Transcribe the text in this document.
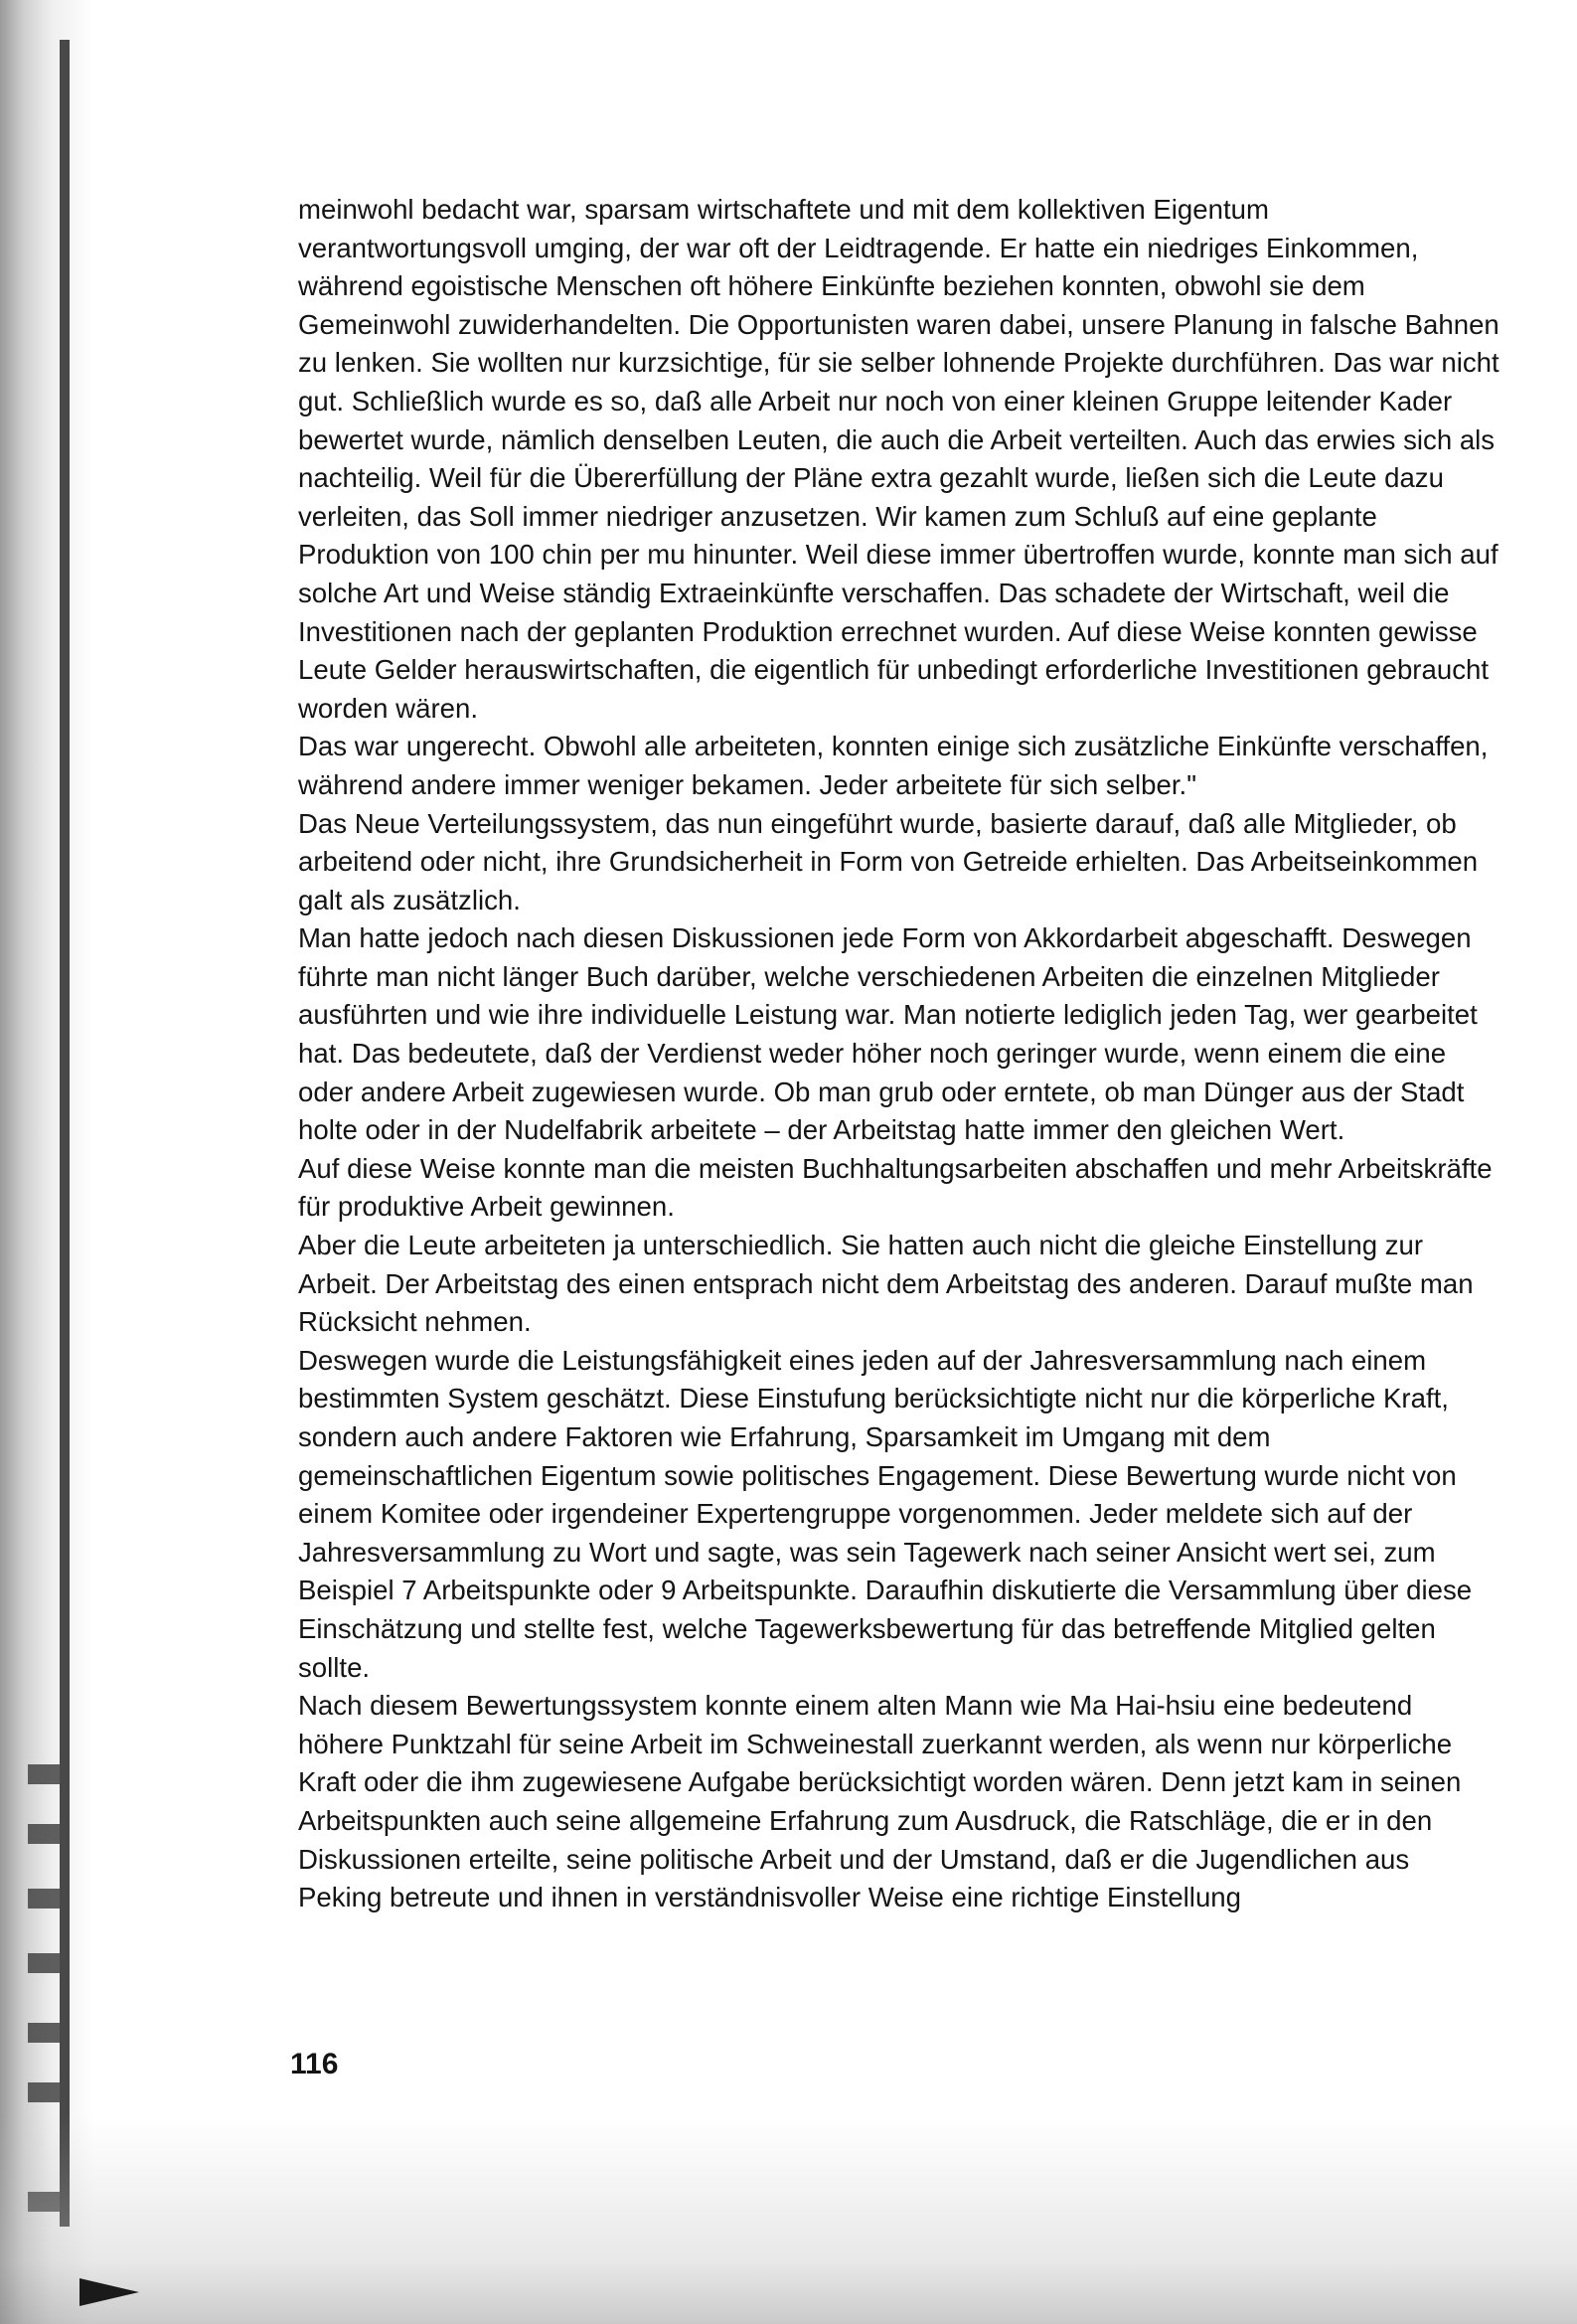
meinwohl bedacht war, sparsam wirtschaftete und mit dem kollektiven Eigentum verantwortungsvoll umging, der war oft der Leidtragende. Er hatte ein niedriges Einkommen, während egoistische Menschen oft höhere Einkünfte beziehen konnten, obwohl sie dem Gemeinwohl zuwiderhandelten. Die Opportunisten waren dabei, unsere Planung in falsche Bahnen zu lenken. Sie wollten nur kurzsichtige, für sie selber lohnende Projekte durchführen. Das war nicht gut. Schließlich wurde es so, daß alle Arbeit nur noch von einer kleinen Gruppe leitender Kader bewertet wurde, nämlich denselben Leuten, die auch die Arbeit verteilten. Auch das erwies sich als nachteilig. Weil für die Übererfüllung der Pläne extra gezahlt wurde, ließen sich die Leute dazu verleiten, das Soll immer niedriger anzusetzen. Wir kamen zum Schluß auf eine geplante Produktion von 100 chin per mu hinunter. Weil diese immer übertroffen wurde, konnte man sich auf solche Art und Weise ständig Extraeinkünfte verschaffen. Das schadete der Wirtschaft, weil die Investitionen nach der geplanten Produktion errechnet wurden. Auf diese Weise konnten gewisse Leute Gelder herauswirtschaften, die eigentlich für unbedingt erforderliche Investitionen gebraucht worden wären.

Das war ungerecht. Obwohl alle arbeiteten, konnten einige sich zusätzliche Einkünfte verschaffen, während andere immer weniger bekamen. Jeder arbeitete für sich selber."

Das Neue Verteilungssystem, das nun eingeführt wurde, basierte darauf, daß alle Mitglieder, ob arbeitend oder nicht, ihre Grundsicherheit in Form von Getreide erhielten. Das Arbeitseinkommen galt als zusätzlich.

Man hatte jedoch nach diesen Diskussionen jede Form von Akkordarbeit abgeschafft. Deswegen führte man nicht länger Buch darüber, welche verschiedenen Arbeiten die einzelnen Mitglieder ausführten und wie ihre individuelle Leistung war. Man notierte lediglich jeden Tag, wer gearbeitet hat. Das bedeutete, daß der Verdienst weder höher noch geringer wurde, wenn einem die eine oder andere Arbeit zugewiesen wurde. Ob man grub oder erntete, ob man Dünger aus der Stadt holte oder in der Nudelfabrik arbeitete – der Arbeitstag hatte immer den gleichen Wert.

Auf diese Weise konnte man die meisten Buchhaltungsarbeiten abschaffen und mehr Arbeitskräfte für produktive Arbeit gewinnen.

Aber die Leute arbeiteten ja unterschiedlich. Sie hatten auch nicht die gleiche Einstellung zur Arbeit. Der Arbeitstag des einen entsprach nicht dem Arbeitstag des anderen. Darauf mußte man Rücksicht nehmen.

Deswegen wurde die Leistungsfähigkeit eines jeden auf der Jahresversammlung nach einem bestimmten System geschätzt. Diese Einstufung berücksichtigte nicht nur die körperliche Kraft, sondern auch andere Faktoren wie Erfahrung, Sparsamkeit im Umgang mit dem gemeinschaftlichen Eigentum sowie politisches Engagement. Diese Bewertung wurde nicht von einem Komitee oder irgendeiner Expertengruppe vorgenommen. Jeder meldete sich auf der Jahresversammlung zu Wort und sagte, was sein Tagewerk nach seiner Ansicht wert sei, zum Beispiel 7 Arbeitspunkte oder 9 Arbeitspunkte. Daraufhin diskutierte die Versammlung über diese Einschätzung und stellte fest, welche Tagewerksbewertung für das betreffende Mitglied gelten sollte.

Nach diesem Bewertungssystem konnte einem alten Mann wie Ma Hai-hsiu eine bedeutend höhere Punktzahl für seine Arbeit im Schweinestall zuerkannt werden, als wenn nur körperliche Kraft oder die ihm zugewiesene Aufgabe berücksichtigt worden wären. Denn jetzt kam in seinen Arbeitspunkten auch seine allgemeine Erfahrung zum Ausdruck, die Ratschläge, die er in den Diskussionen erteilte, seine politische Arbeit und der Umstand, daß er die Jugendlichen aus Peking betreute und ihnen in verständnisvoller Weise eine richtige Einstellung

116
